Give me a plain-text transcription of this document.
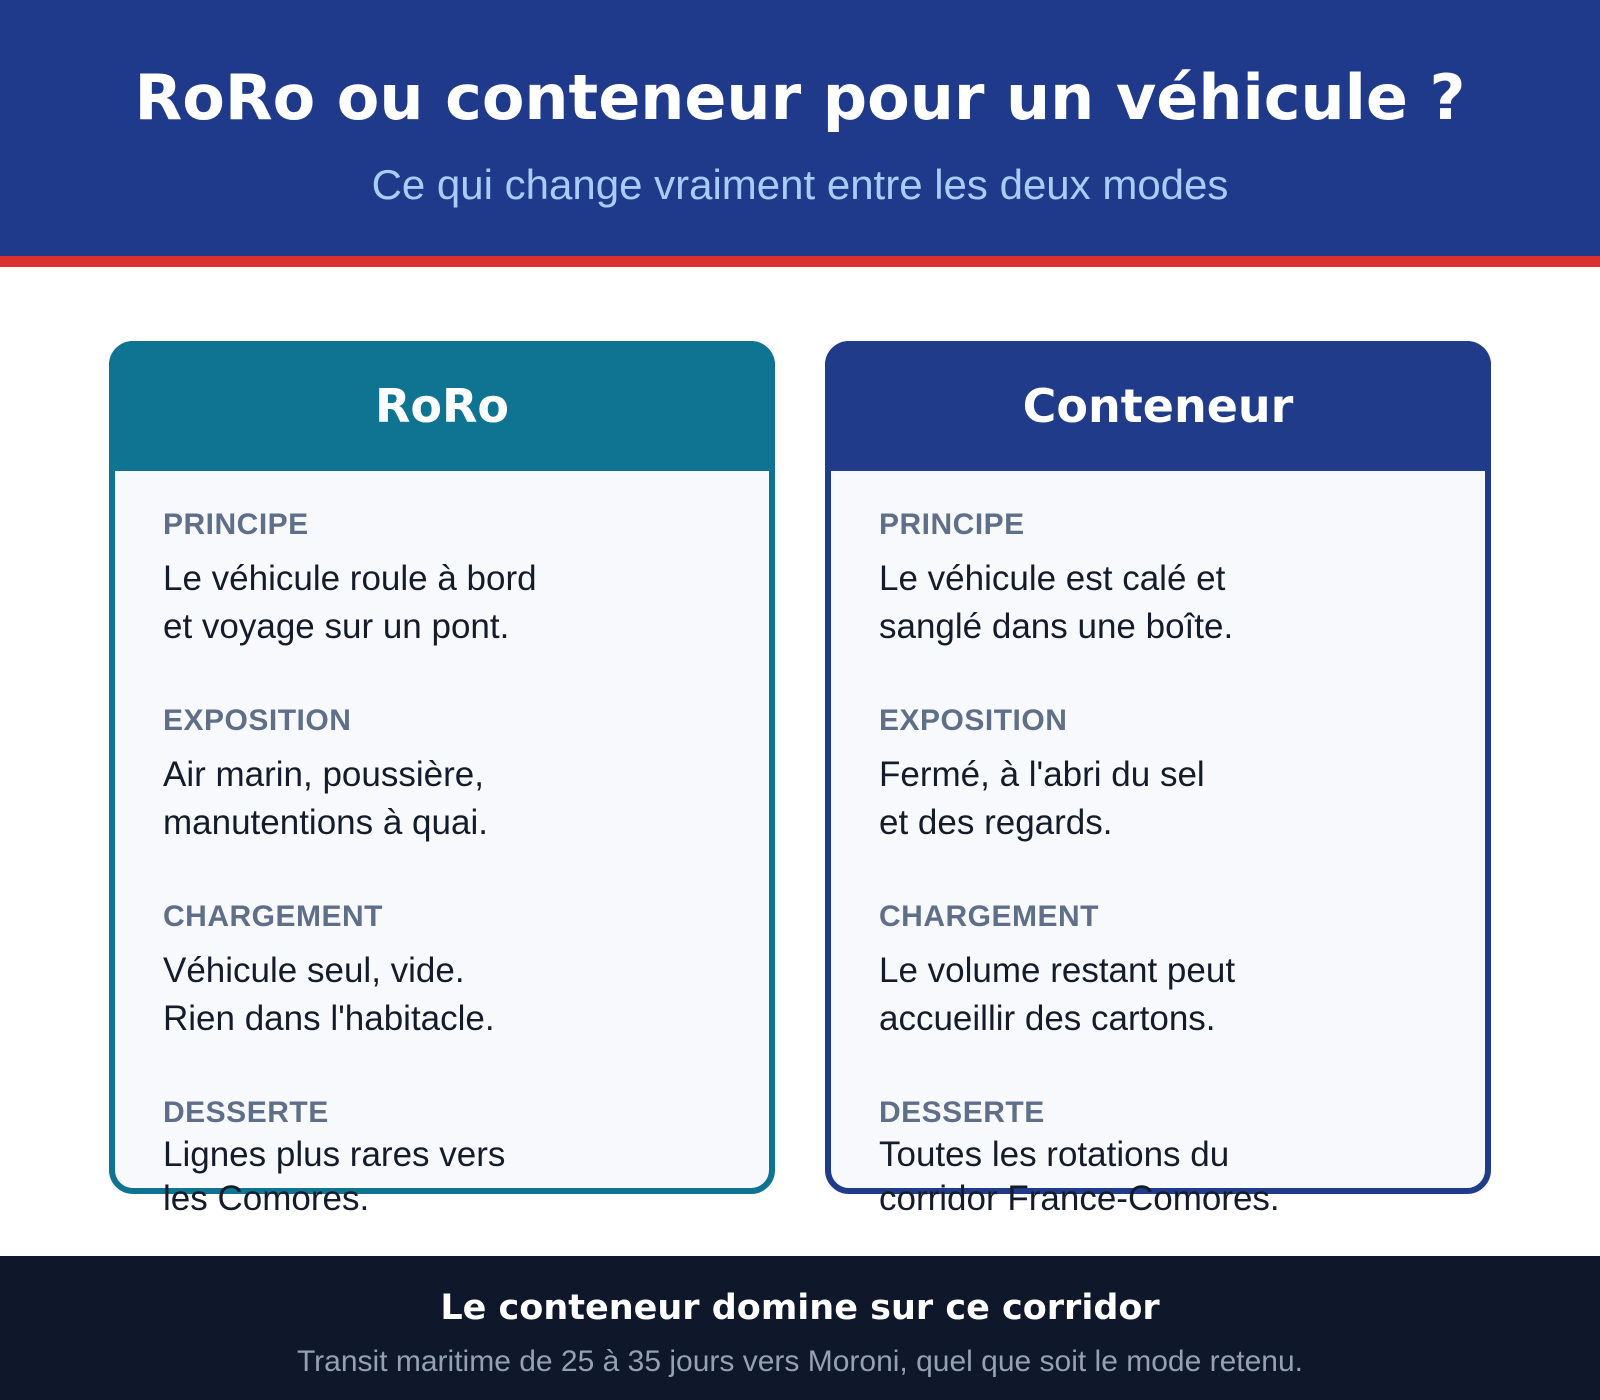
RoRo ou conteneur pour un véhicule ?
Ce qui change vraiment entre les deux modes
RoRo
PRINCIPE
Le véhicule roule à bord
et voyage sur un pont.
EXPOSITION
Air marin, poussière,
manutentions à quai.
CHARGEMENT
Véhicule seul, vide.
Rien dans l'habitacle.
DESSERTE
Lignes plus rares vers
les Comores.
Conteneur
PRINCIPE
Le véhicule est calé et
sanglé dans une boîte.
EXPOSITION
Fermé, à l'abri du sel
et des regards.
CHARGEMENT
Le volume restant peut
accueillir des cartons.
DESSERTE
Toutes les rotations du
corridor France-Comores.
Le conteneur domine sur ce corridor
Transit maritime de 25 à 35 jours vers Moroni, quel que soit le mode retenu.
